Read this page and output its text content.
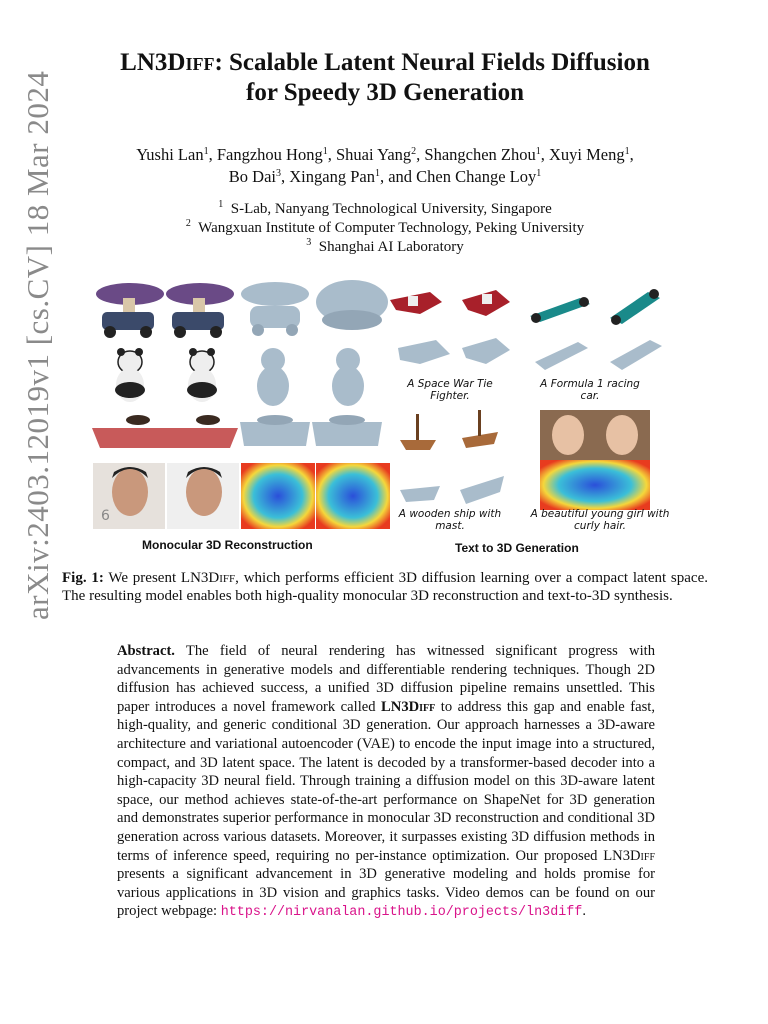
arXiv:2403.12019v1 [cs.CV] 18 Mar 2024
LN3Diff: Scalable Latent Neural Fields Diffusion
for Speedy 3D Generation
Yushi Lan$^1$, Fangzhou Hong$^1$, Shuai Yang$^2$, Shangchen Zhou$^1$, Xuyi Meng$^1$,
Bo Dai$^3$, Xingang Pan$^1$, and Chen Change Loy$^1$
$^1$ S-Lab, Nanyang Technological University, Singapore
$^2$ Wangxuan Institute of Computer Technology, Peking University
$^3$ Shanghai AI Laboratory
6
A Space War Tie Fighter.
A Formula 1 racing car.
A wooden ship with mast.
A beautiful young girl with curly hair.
Monocular 3D Reconstruction	Text to 3D Generation
Fig. 1: We present LN3Diff, which performs efficient 3D diffusion learning over a compact latent space. The resulting model enables both high-quality monocular 3D reconstruction and text-to-3D synthesis.
Abstract. The field of neural rendering has witnessed significant progress with advancements in generative models and differentiable rendering techniques. Though 2D diffusion has achieved success, a unified 3D diffusion pipeline remains unsettled. This paper introduces a novel framework called LN3Diff to address this gap and enable fast, high-quality, and generic conditional 3D generation. Our approach harnesses a 3D-aware architecture and variational autoencoder (VAE) to encode the input image into a structured, compact, and 3D latent space. The latent is decoded by a transformer-based decoder into a high-capacity 3D neural field. Through training a diffusion model on this 3D-aware latent space, our method achieves state-of-the-art performance on ShapeNet for 3D generation and demonstrates superior performance in monocular 3D reconstruction and conditional 3D generation across various datasets. Moreover, it surpasses existing 3D diffusion methods in terms of inference speed, requiring no per-instance optimization. Our proposed LN3Diff presents a significant advancement in 3D generative modeling and holds promise for various applications in 3D vision and graphics tasks. Video demos can be found on our project webpage: https://nirvanalan.github.io/projects/ln3diff.
